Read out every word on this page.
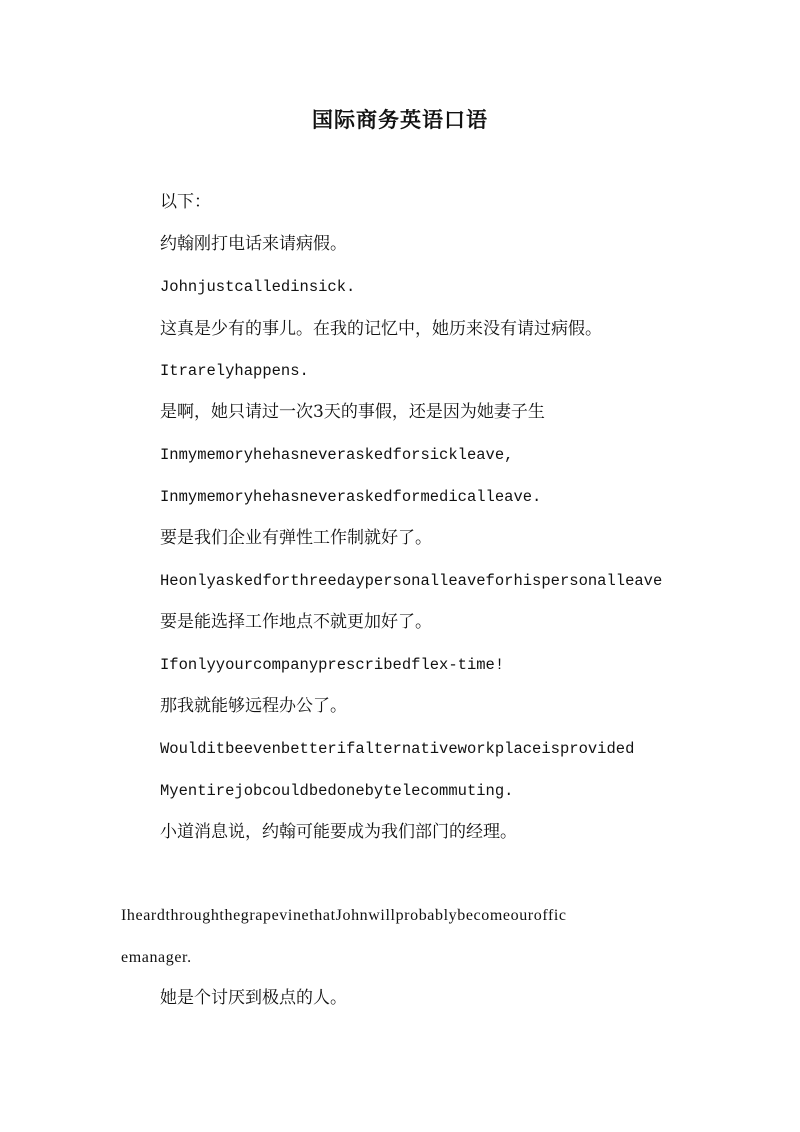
国际商务英语口语
以下：
约翰刚打电话来请病假。
Johnjustcalledinsick.
这真是少有的事儿。在我的记忆中，她历来没有请过病假。
Itrarelyhappens.
是啊，她只请过一次3天的事假，还是因为她妻子生
Inmymemoryhehasneveraskedforsickleave,
Inmymemoryhehasneveraskedformedicalleave.
要是我们企业有弹性工作制就好了。
Heonlyaskedforthreedaypersonalleaveforhispersonalleave
要是能选择工作地点不就更加好了。
Ifonlyyourcompanyprescribedflex-time!
那我就能够远程办公了。
Woulditbeevenbetterifalternativeworkplaceisprovided
Myentirejobcouldbedonebytelecommuting.
小道消息说，约翰可能要成为我们部门的经理。
IheardthroughthegrapevinethatJohnwillprobablybecomeouroffic
emanager.
她是个讨厌到极点的人。
